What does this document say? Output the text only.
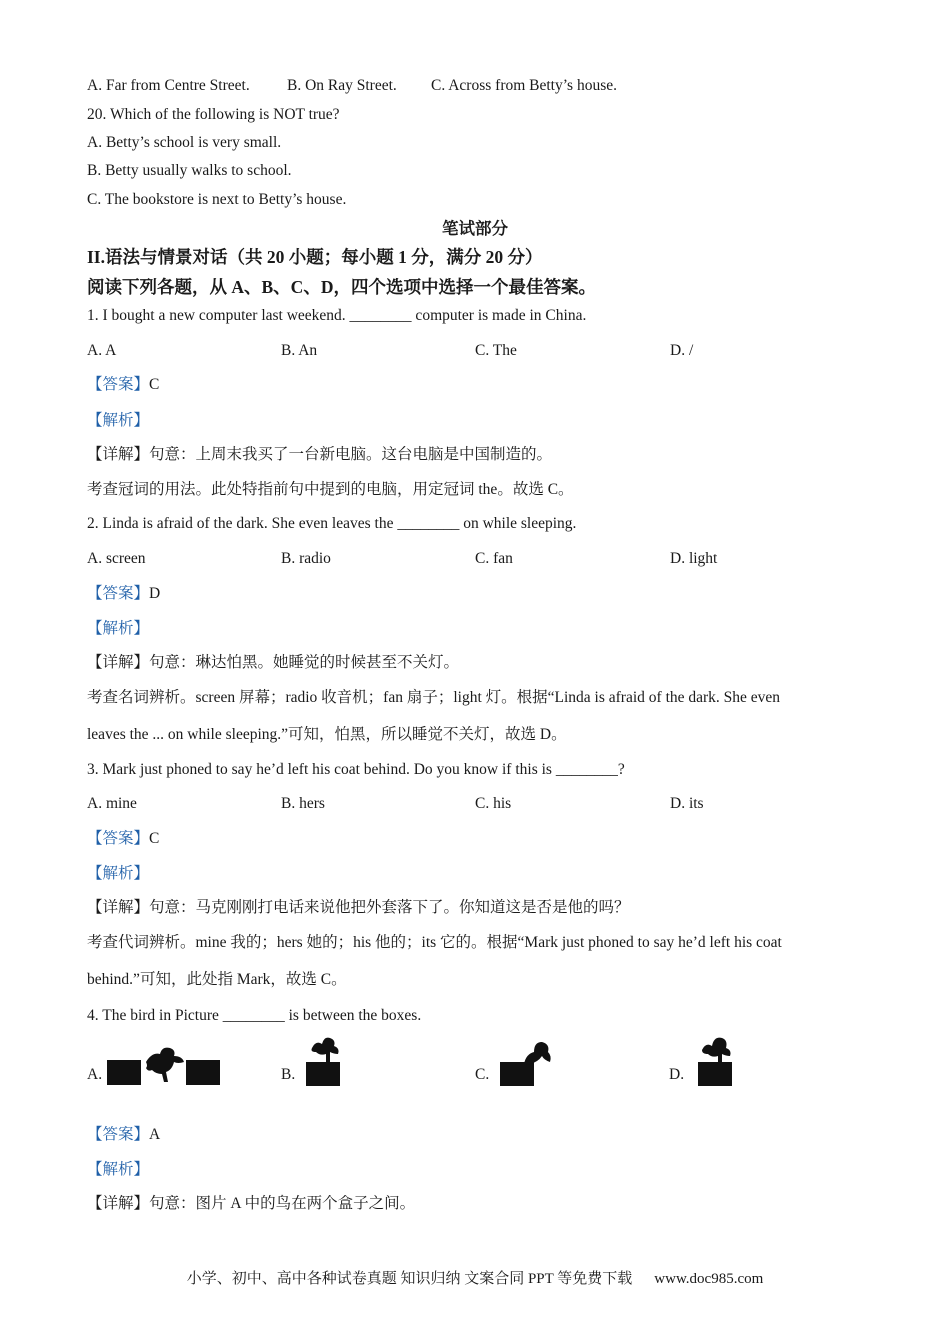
A. Far from Centre Street. B. On Ray Street. C. Across from Betty’s house.
20. Which of the following is NOT true?
A. Betty’s school is very small.
B. Betty usually walks to school.
C. The bookstore is next to Betty’s house.
笔试部分
II.语法与情景对话（共 20 小题；每小题 1 分，满分 20 分）
阅读下列各题，从 A、B、C、D，四个选项中选择一个最佳答案。
1. I bought a new computer last weekend. ________ computer is made in China.
A. A	B. An	C. The	D. /
【答案】C
【解析】
【详解】句意：上周末我买了一台新电脑。这台电脑是中国制造的。
考查冠词的用法。此处特指前句中提到的电脑，用定冠词 the。故选 C。
2. Linda is afraid of the dark. She even leaves the ________ on while sleeping.
A. screen	B. radio	C. fan	D. light
【答案】D
【解析】
【详解】句意：琳达怕黑。她睡觉的时候甚至不关灯。
考查名词辨析。screen 屏幕；radio 收音机；fan 扇子；light 灯。根据“Linda is afraid of the dark. She even
leaves the ... on while sleeping.”可知，怕黑，所以睡觉不关灯，故选 D。
3. Mark just phoned to say he’d left his coat behind. Do you know if this is ________?
A. mine	B. hers	C. his	D. its
【答案】C
【解析】
【详解】句意：马克刚刚打电话来说他把外套落下了。你知道这是否是他的吗？
考查代词辨析。mine 我的；hers 她的；his 他的；its 它的。根据“Mark just phoned to say he’d left his coat
behind.”可知，此处指 Mark，故选 C。
4. The bird in Picture ________ is between the boxes.
A.	B.	C.	D.
【答案】A
【解析】
【详解】句意：图片 A 中的鸟在两个盒子之间。
小学、初中、高中各种试卷真题 知识归纳 文案合同 PPT 等免费下载 www.doc985.com
